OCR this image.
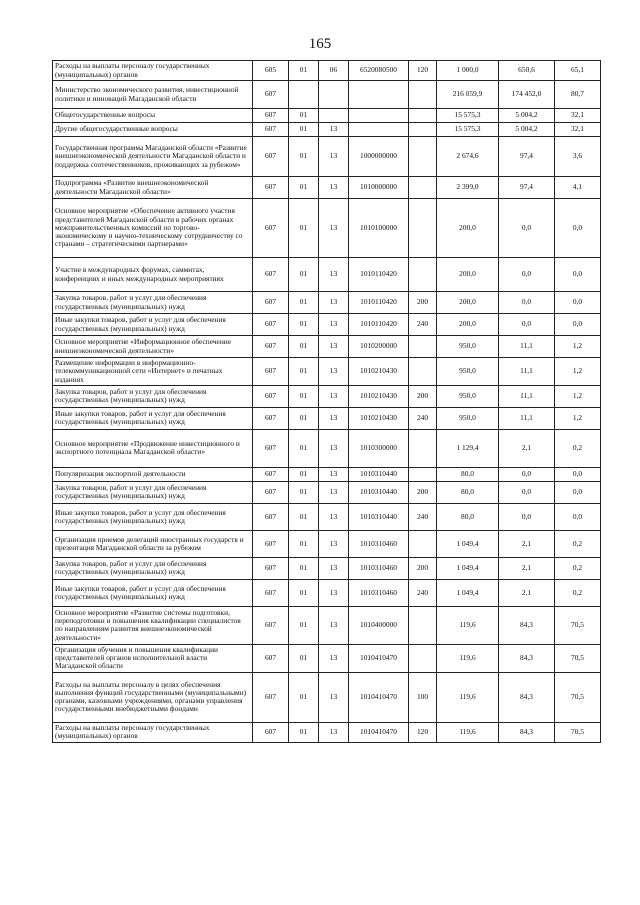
165
Расходы на выплаты персоналу государственных (муниципальных) органов	605	01	06	6520080500	120	1 000,0	650,6	65,1
Министерство экономического развития, инвестиционной политики и инноваций Магаданской области	607					216 059,9	174 452,0	80,7
Общегосударственные вопросы	607	01				15 575,3	5 004,2	32,1
Другие общегосударственные вопросы	607	01	13			15 575,3	5 004,2	32,1
Государственная программа Магаданской области «Развитие внешнеэкономической деятельности Магаданской области и поддержка соотечественников, проживающих за рубежом»	607	01	13	1000000000		2 674,6	97,4	3,6
Подпрограмма «Развитие внешнеэкономической деятельности Магаданской области»	607	01	13	1010000000		2 399,0	97,4	4,1
Основное мероприятие «Обеспечение активного участия представителей Магаданской области в рабочих органах межправительственных комиссий по торгово-экономическому и научно-техническому сотрудничеству со странами – стратегическими партнерами»	607	01	13	1010100000		200,0	0,0	0,0
Участие в международных форумах, саммитах, конференциях и иных международных мероприятиях	607	01	13	1010110420		200,0	0,0	0,0
Закупка товаров, работ и услуг для обеспечения государственных (муниципальных) нужд	607	01	13	1010110420	200	200,0	0,0	0,0
Иные закупки товаров, работ и услуг для обеспечения государственных (муниципальных) нужд	607	01	13	1010110420	240	200,0	0,0	0,0
Основное мероприятие «Информационное обеспечение внешнеэкономической деятельности»	607	01	13	1010200000		950,0	11,1	1,2
Размещение информации в информационно-телекоммуникационной сети «Интернет» и печатных изданиях	607	01	13	1010210430		950,0	11,1	1,2
Закупка товаров, работ и услуг для обеспечения государственных (муниципальных) нужд	607	01	13	1010210430	200	950,0	11,1	1,2
Иные закупки товаров, работ и услуг для обеспечения государственных (муниципальных) нужд	607	01	13	1010210430	240	950,0	11,1	1,2
Основное мероприятие «Продвижение инвестиционного и экспортного потенциала Магаданской области»	607	01	13	1010300000		1 129,4	2,1	0,2
Популяризация экспортной деятельности	607	01	13	1010310440		80,0	0,0	0,0
Закупка товаров, работ и услуг для обеспечения государственных (муниципальных) нужд	607	01	13	1010310440	200	80,0	0,0	0,0
Иные закупки товаров, работ и услуг для обеспечения государственных (муниципальных) нужд	607	01	13	1010310440	240	80,0	0,0	0,0
Организация приемов делегаций иностранных государств и презентация Магаданской области за рубежом	607	01	13	1010310460		1 049,4	2,1	0,2
Закупка товаров, работ и услуг для обеспечения государственных (муниципальных) нужд	607	01	13	1010310460	200	1 049,4	2,1	0,2
Иные закупки товаров, работ и услуг для обеспечения государственных (муниципальных) нужд	607	01	13	1010310460	240	1 049,4	2,1	0,2
Основное мероприятие «Развитие системы подготовки, переподготовки и повышения квалификации специалистов по направлениям развития внешнеэкономической деятельности»	607	01	13	1010400000		119,6	84,3	70,5
Организация обучения и повышения квалификации представителей органов исполнительной власти Магаданской области	607	01	13	1010410470		119,6	84,3	70,5
Расходы на выплаты персоналу в целях обеспечения выполнения функций государственными (муниципальными) органами, казенными учреждениями, органами управления государственными внебюджетными фондами	607	01	13	1010410470	100	119,6	84,3	70,5
Расходы на выплаты персоналу государственных (муниципальных) органов	607	01	13	1010410470	120	119,6	84,3	70,5
